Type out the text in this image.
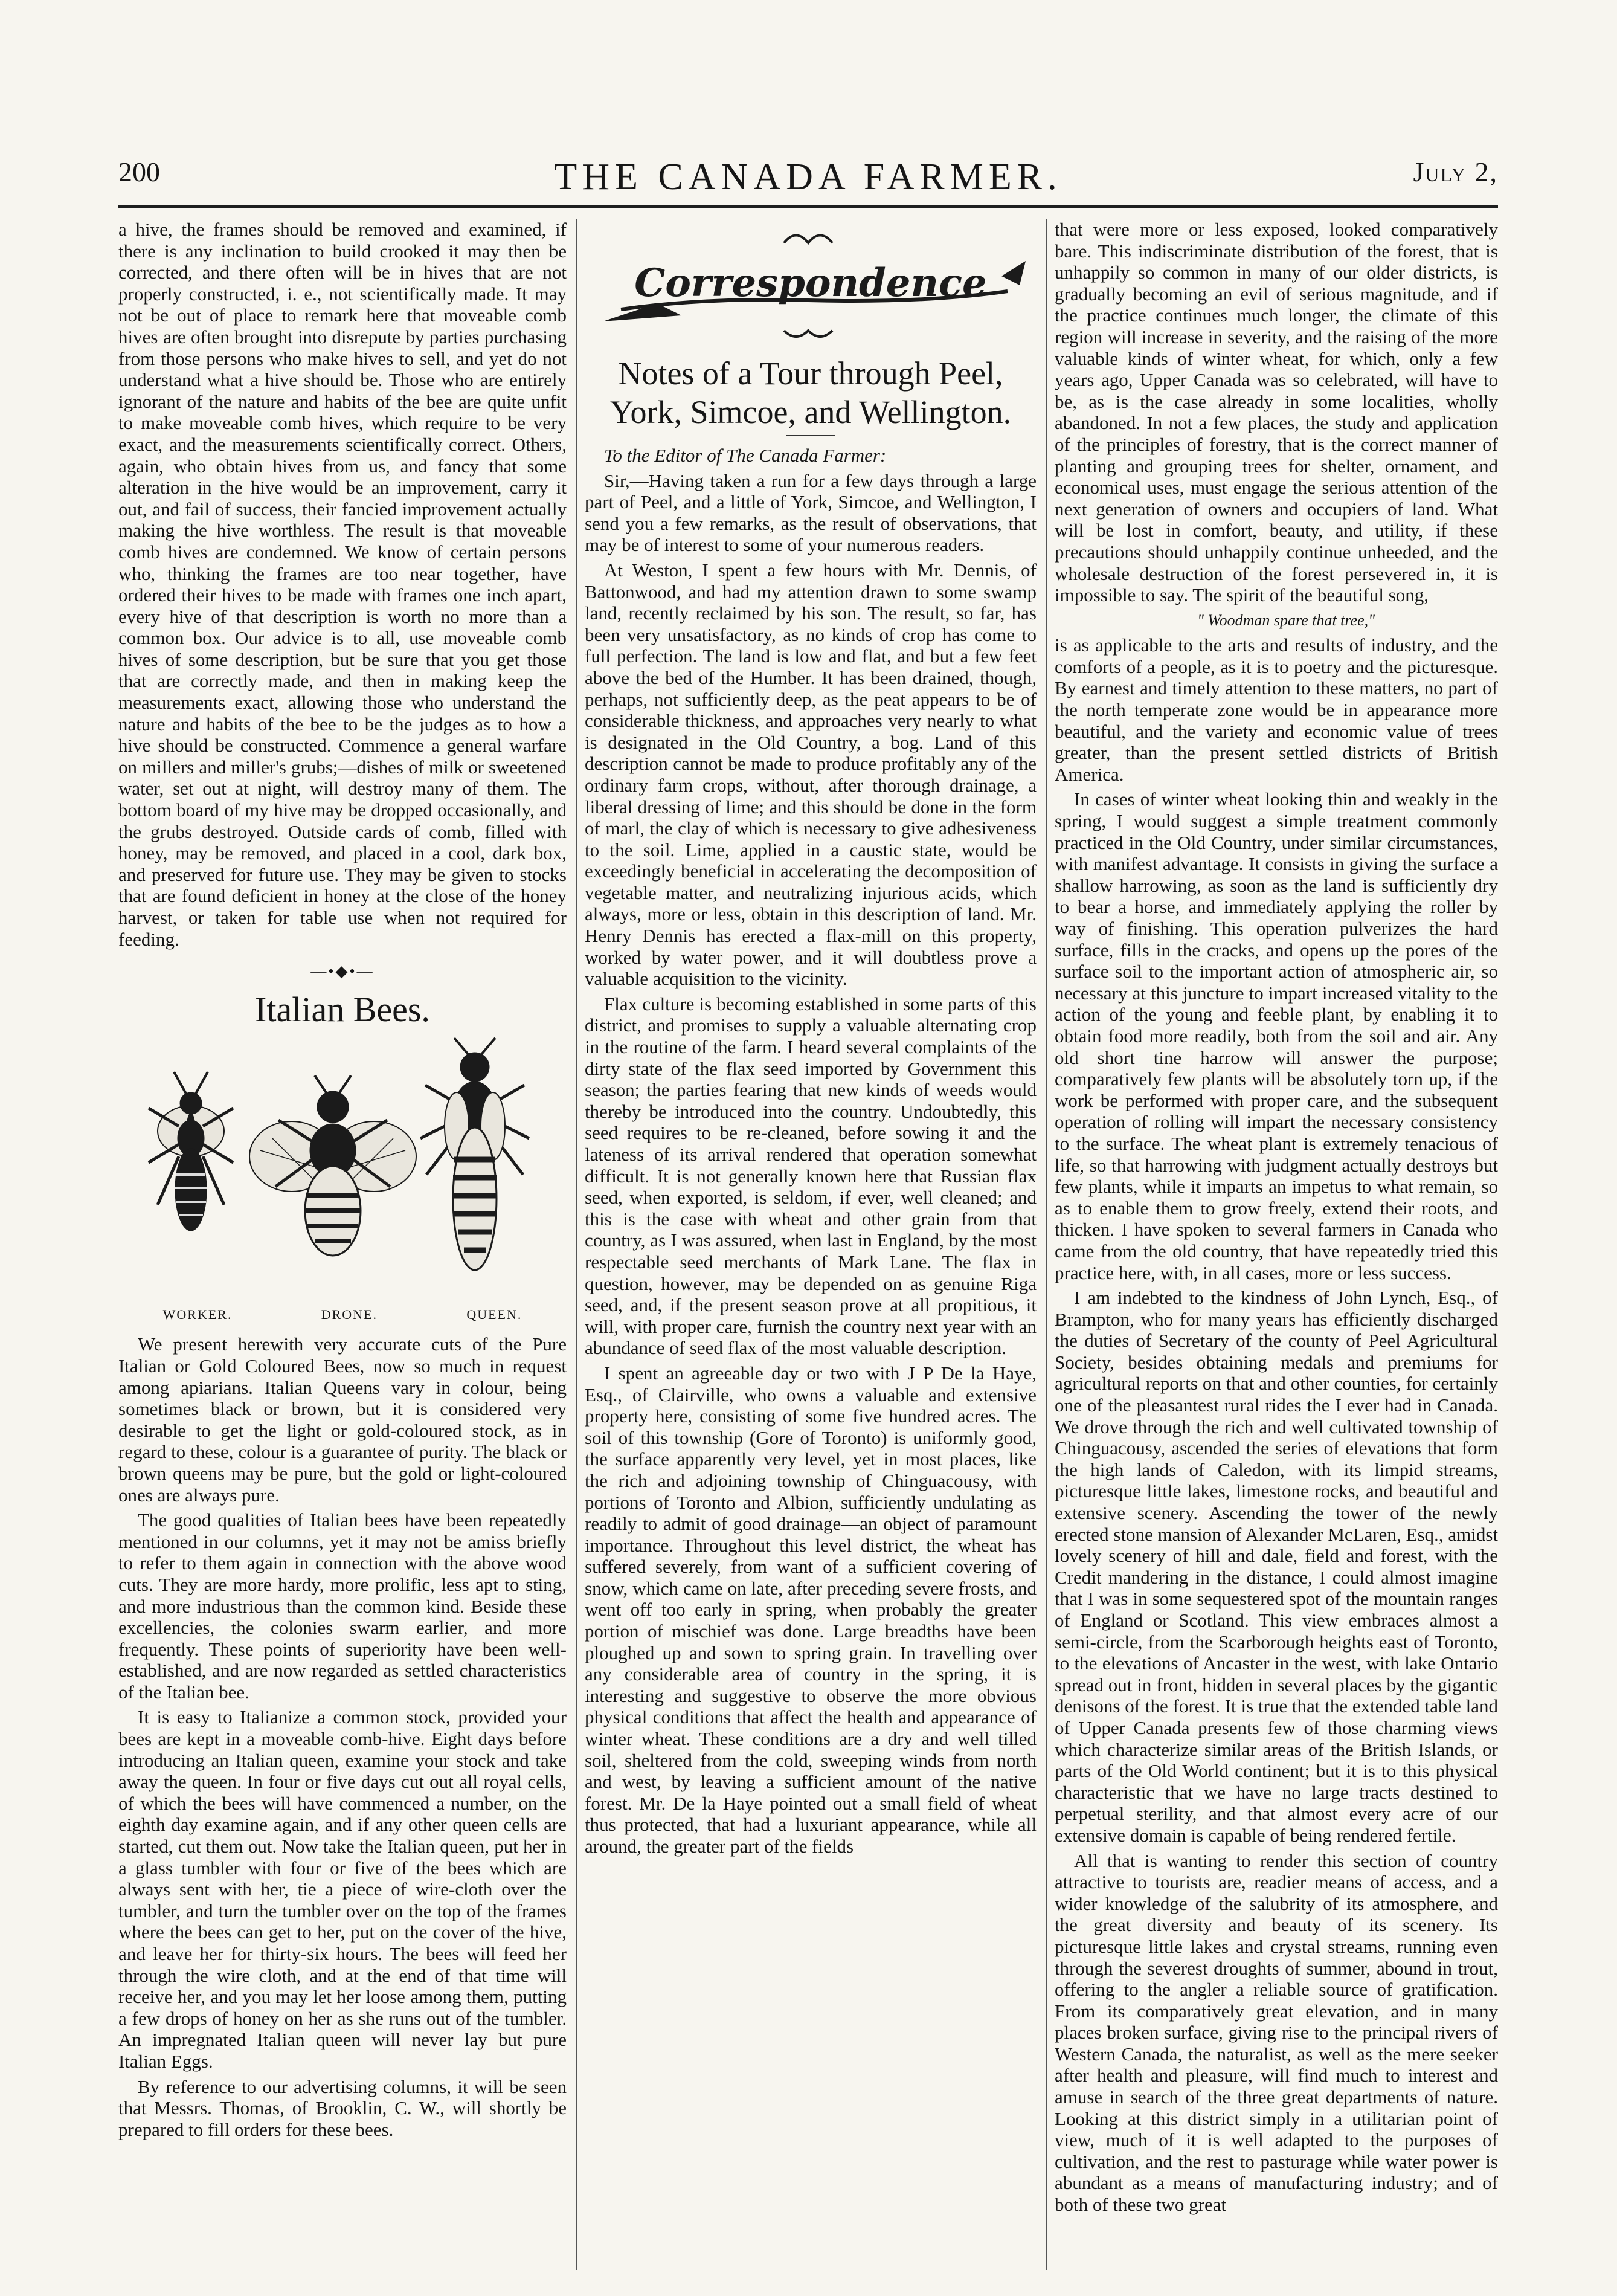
200	THE CANADA FARMER.	July 2,

a hive, the frames should be removed and examined, if there is any inclination to build crooked it may then be corrected, and there often will be in hives that are not properly constructed, i. e., not scientifically made. It may not be out of place to remark here that moveable comb hives are often brought into disrepute by parties purchasing from those persons who make hives to sell, and yet do not understand what a hive should be. Those who are entirely ignorant of the nature and habits of the bee are quite unfit to make moveable comb hives, which require to be very exact, and the measurements scientifically correct. Others, again, who obtain hives from us, and fancy that some alteration in the hive would be an improvement, carry it out, and fail of success, their fancied improvement actually making the hive worthless. The result is that moveable comb hives are condemned. We know of certain persons who, thinking the frames are too near together, have ordered their hives to be made with frames one inch apart, every hive of that description is worth no more than a common box. Our advice is to all, use moveable comb hives of some description, but be sure that you get those that are correctly made, and then in making keep the measurements exact, allowing those who understand the nature and habits of the bee to be the judges as to how a hive should be constructed. Commence a general warfare on millers and miller's grubs;—dishes of milk or sweetened water, set out at night, will destroy many of them. The bottom board of my hive may be dropped occasionally, and the grubs destroyed. Outside cards of comb, filled with honey, may be removed, and placed in a cool, dark box, and preserved for future use. They may be given to stocks that are found deficient in honey at the close of the honey harvest, or taken for table use when not required for feeding.

—•◆•—
Italian Bees.
WORKER.	DRONE.	QUEEN.

We present herewith very accurate cuts of the Pure Italian or Gold Coloured Bees, now so much in request among apiarians. Italian Queens vary in colour, being sometimes black or brown, but it is considered very desirable to get the light or gold-coloured stock, as in regard to these, colour is a guarantee of purity. The black or brown queens may be pure, but the gold or light-coloured ones are always pure.

The good qualities of Italian bees have been repeatedly mentioned in our columns, yet it may not be amiss briefly to refer to them again in connection with the above wood cuts. They are more hardy, more prolific, less apt to sting, and more industrious than the common kind. Beside these excellencies, the colonies swarm earlier, and more frequently. These points of superiority have been well-established, and are now regarded as settled characteristics of the Italian bee.

It is easy to Italianize a common stock, provided your bees are kept in a moveable comb-hive. Eight days before introducing an Italian queen, examine your stock and take away the queen. In four or five days cut out all royal cells, of which the bees will have commenced a number, on the eighth day examine again, and if any other queen cells are started, cut them out. Now take the Italian queen, put her in a glass tumbler with four or five of the bees which are always sent with her, tie a piece of wire-cloth over the tumbler, and turn the tumbler over on the top of the frames where the bees can get to her, put on the cover of the hive, and leave her for thirty-six hours. The bees will feed her through the wire cloth, and at the end of that time will receive her, and you may let her loose among them, putting a few drops of honey on her as she runs out of the tumbler. An impregnated Italian queen will never lay but pure Italian Eggs.

By reference to our advertising columns, it will be seen that Messrs. Thomas, of Brooklin, C. W., will shortly be prepared to fill orders for these bees.

Correspondence
Notes of a Tour through Peel, York, Simcoe, and Wellington.

To the Editor of The Canada Farmer:

Sir,—Having taken a run for a few days through a large part of Peel, and a little of York, Simcoe, and Wellington, I send you a few remarks, as the result of observations, that may be of interest to some of your numerous readers.

At Weston, I spent a few hours with Mr. Dennis, of Battonwood, and had my attention drawn to some swamp land, recently reclaimed by his son. The result, so far, has been very unsatisfactory, as no kinds of crop has come to full perfection. The land is low and flat, and but a few feet above the bed of the Humber. It has been drained, though, perhaps, not sufficiently deep, as the peat appears to be of considerable thickness, and approaches very nearly to what is designated in the Old Country, a bog. Land of this description cannot be made to produce profitably any of the ordinary farm crops, without, after thorough drainage, a liberal dressing of lime; and this should be done in the form of marl, the clay of which is necessary to give adhesiveness to the soil. Lime, applied in a caustic state, would be exceedingly beneficial in accelerating the decomposition of vegetable matter, and neutralizing injurious acids, which always, more or less, obtain in this description of land. Mr. Henry Dennis has erected a flax-mill on this property, worked by water power, and it will doubtless prove a valuable acquisition to the vicinity.

Flax culture is becoming established in some parts of this district, and promises to supply a valuable alternating crop in the routine of the farm. I heard several complaints of the dirty state of the flax seed imported by Government this season; the parties fearing that new kinds of weeds would thereby be introduced into the country. Undoubtedly, this seed requires to be re-cleaned, before sowing it and the lateness of its arrival rendered that operation somewhat difficult. It is not generally known here that Russian flax seed, when exported, is seldom, if ever, well cleaned; and this is the case with wheat and other grain from that country, as I was assured, when last in England, by the most respectable seed merchants of Mark Lane. The flax in question, however, may be depended on as genuine Riga seed, and, if the present season prove at all propitious, it will, with proper care, furnish the country next year with an abundance of seed flax of the most valuable description.

I spent an agreeable day or two with J P De la Haye, Esq., of Clairville, who owns a valuable and extensive property here, consisting of some five hundred acres. The soil of this township (Gore of Toronto) is uniformly good, the surface apparently very level, yet in most places, like the rich and adjoining township of Chinguacousy, with portions of Toronto and Albion, sufficiently undulating as readily to admit of good drainage—an object of paramount importance. Throughout this level district, the wheat has suffered severely, from want of a sufficient covering of snow, which came on late, after preceding severe frosts, and went off too early in spring, when probably the greater portion of mischief was done. Large breadths have been ploughed up and sown to spring grain. In travelling over any considerable area of country in the spring, it is interesting and suggestive to observe the more obvious physical conditions that affect the health and appearance of winter wheat. These conditions are a dry and well tilled soil, sheltered from the cold, sweeping winds from north and west, by leaving a sufficient amount of the native forest. Mr. De la Haye pointed out a small field of wheat thus protected, that had a luxuriant appearance, while all around, the greater part of the fields

that were more or less exposed, looked comparatively bare. This indiscriminate distribution of the forest, that is unhappily so common in many of our older districts, is gradually becoming an evil of serious magnitude, and if the practice continues much longer, the climate of this region will increase in severity, and the raising of the more valuable kinds of winter wheat, for which, only a few years ago, Upper Canada was so celebrated, will have to be, as is the case already in some localities, wholly abandoned. In not a few places, the study and application of the principles of forestry, that is the correct manner of planting and grouping trees for shelter, ornament, and economical uses, must engage the serious attention of the next generation of owners and occupiers of land. What will be lost in comfort, beauty, and utility, if these precautions should unhappily continue unheeded, and the wholesale destruction of the forest persevered in, it is impossible to say. The spirit of the beautiful song,

" Woodman spare that tree,"

is as applicable to the arts and results of industry, and the comforts of a people, as it is to poetry and the picturesque. By earnest and timely attention to these matters, no part of the north temperate zone would be in appearance more beautiful, and the variety and economic value of trees greater, than the present settled districts of British America.

In cases of winter wheat looking thin and weakly in the spring, I would suggest a simple treatment commonly practiced in the Old Country, under similar circumstances, with manifest advantage. It consists in giving the surface a shallow harrowing, as soon as the land is sufficiently dry to bear a horse, and immediately applying the roller by way of finishing. This operation pulverizes the hard surface, fills in the cracks, and opens up the pores of the surface soil to the important action of atmospheric air, so necessary at this juncture to impart increased vitality to the action of the young and feeble plant, by enabling it to obtain food more readily, both from the soil and air. Any old short tine harrow will answer the purpose; comparatively few plants will be absolutely torn up, if the work be performed with proper care, and the subsequent operation of rolling will impart the necessary consistency to the surface. The wheat plant is extremely tenacious of life, so that harrowing with judgment actually destroys but few plants, while it imparts an impetus to what remain, so as to enable them to grow freely, extend their roots, and thicken. I have spoken to several farmers in Canada who came from the old country, that have repeatedly tried this practice here, with, in all cases, more or less success.

I am indebted to the kindness of John Lynch, Esq., of Brampton, who for many years has efficiently discharged the duties of Secretary of the county of Peel Agricultural Society, besides obtaining medals and premiums for agricultural reports on that and other counties, for certainly one of the pleasantest rural rides the I ever had in Canada. We drove through the rich and well cultivated township of Chinguacousy, ascended the series of elevations that form the high lands of Caledon, with its limpid streams, picturesque little lakes, limestone rocks, and beautiful and extensive scenery. Ascending the tower of the newly erected stone mansion of Alexander McLaren, Esq., amidst lovely scenery of hill and dale, field and forest, with the Credit mandering in the distance, I could almost imagine that I was in some sequestered spot of the mountain ranges of England or Scotland. This view embraces almost a semi-circle, from the Scarborough heights east of Toronto, to the elevations of Ancaster in the west, with lake Ontario spread out in front, hidden in several places by the gigantic denisons of the forest. It is true that the extended table land of Upper Canada presents few of those charming views which characterize similar areas of the British Islands, or parts of the Old World continent; but it is to this physical characteristic that we have no large tracts destined to perpetual sterility, and that almost every acre of our extensive domain is capable of being rendered fertile.

All that is wanting to render this section of country attractive to tourists are, readier means of access, and a wider knowledge of the salubrity of its atmosphere, and the great diversity and beauty of its scenery. Its picturesque little lakes and crystal streams, running even through the severest droughts of summer, abound in trout, offering to the angler a reliable source of gratification. From its comparatively great elevation, and in many places broken surface, giving rise to the principal rivers of Western Canada, the naturalist, as well as the mere seeker after health and pleasure, will find much to interest and amuse in search of the three great departments of nature. Looking at this district simply in a utilitarian point of view, much of it is well adapted to the purposes of cultivation, and the rest to pasturage while water power is abundant as a means of manufacturing industry; and of both of these two great
